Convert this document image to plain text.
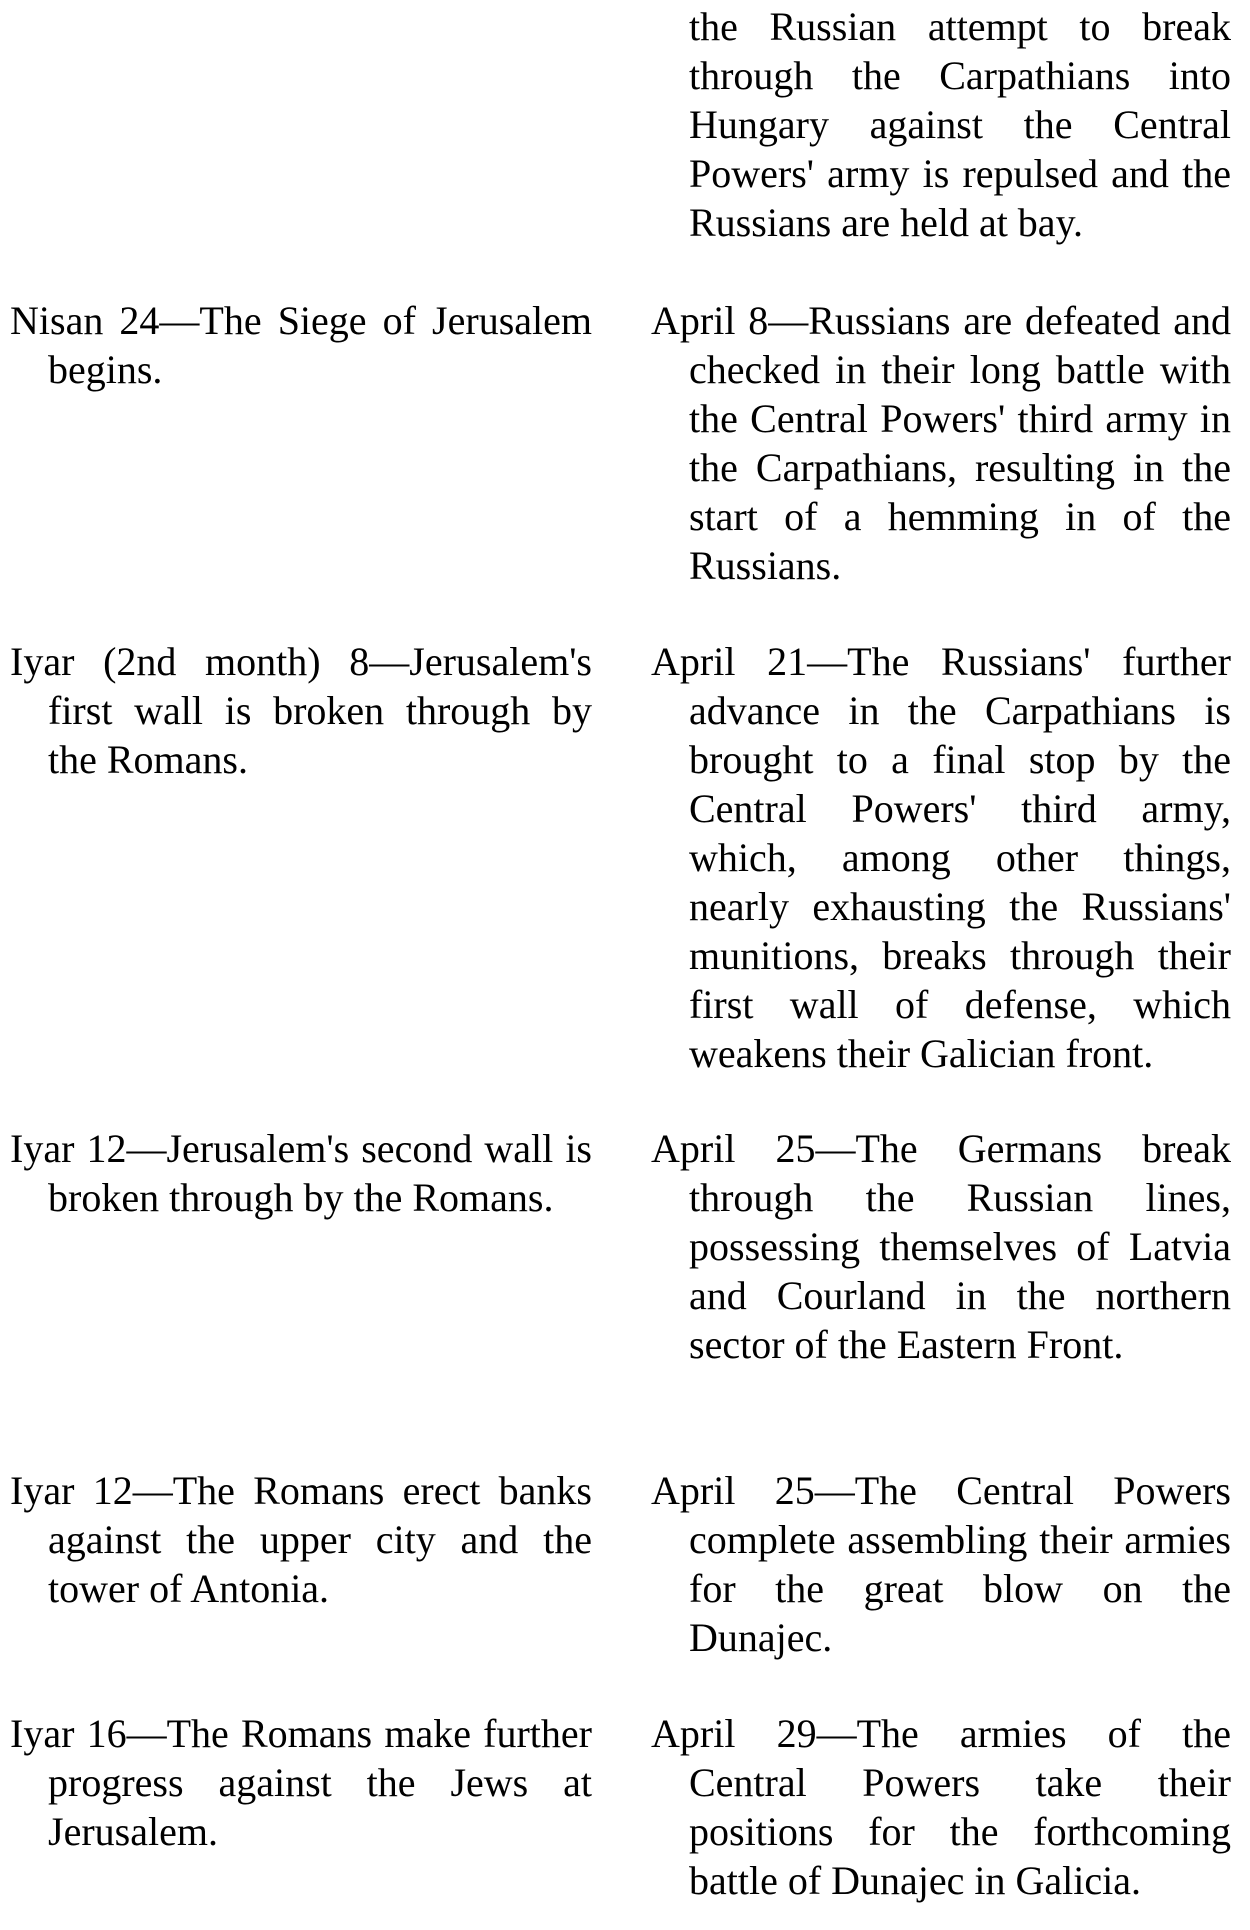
the Russian attempt to break through the Carpathians into Hungary against the Central Powers' army is repulsed and the Russians are held at bay.

Nisan 24—The Siege of Jerusalem begins.

April 8—Russians are defeated and checked in their long battle with the Central Powers' third army in the Carpathians, resulting in the start of a hemming in of the Russians.

Iyar (2nd month) 8—Jerusalem's first wall is broken through by the Romans.

April 21—The Russians' further advance in the Carpathians is brought to a final stop by the Central Powers' third army, which, among other things, nearly exhausting the Russians' munitions, breaks through their first wall of defense, which weakens their Galician front.

Iyar 12—Jerusalem's second wall is broken through by the Romans.

April 25—The Germans break through the Russian lines, possessing themselves of Latvia and Courland in the northern sector of the Eastern Front.

Iyar 12—The Romans erect banks against the upper city and the tower of Antonia.

April 25—The Central Powers complete assembling their armies for the great blow on the Dunajec.

Iyar 16—The Romans make further progress against the Jews at Jerusalem.

April 29—The armies of the Central Powers take their positions for the forthcoming battle of Dunajec in Galicia.
